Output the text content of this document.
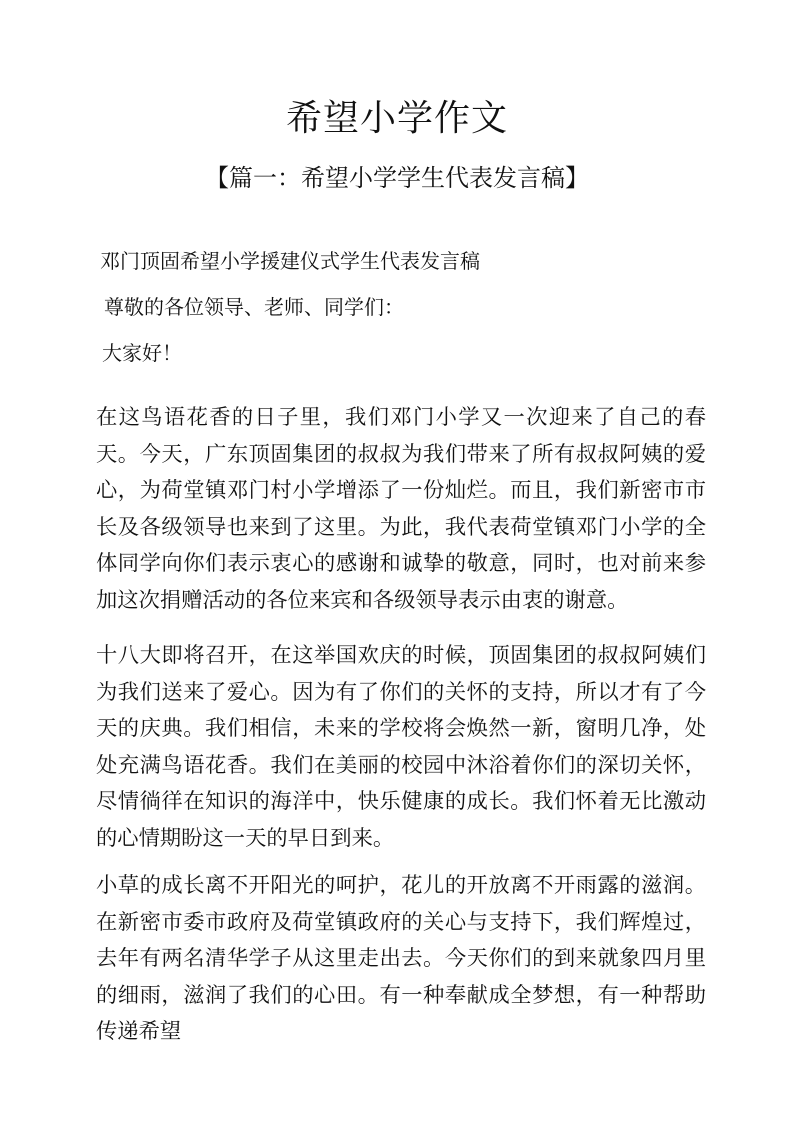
希望小学作文
【篇一：希望小学学生代表发言稿】
邓门顶固希望小学援建仪式学生代表发言稿
尊敬的各位领导、老师、同学们：
大家好！

在这鸟语花香的日子里，我们邓门小学又一次迎来了自己的春天。今天，广东顶固集团的叔叔为我们带来了所有叔叔阿姨的爱心，为荷堂镇邓门村小学增添了一份灿烂。而且，我们新密市市长及各级领导也来到了这里。为此，我代表荷堂镇邓门小学的全体同学向你们表示衷心的感谢和诚挚的敬意，同时，也对前来参加这次捐赠活动的各位来宾和各级领导表示由衷的谢意。

十八大即将召开，在这举国欢庆的时候，顶固集团的叔叔阿姨们为我们送来了爱心。因为有了你们的关怀的支持，所以才有了今天的庆典。我们相信，未来的学校将会焕然一新，窗明几净，处处充满鸟语花香。我们在美丽的校园中沐浴着你们的深切关怀，尽情徜徉在知识的海洋中，快乐健康的成长。我们怀着无比激动的心情期盼这一天的早日到来。

小草的成长离不开阳光的呵护，花儿的开放离不开雨露的滋润。在新密市委市政府及荷堂镇政府的关心与支持下，我们辉煌过，去年有两名清华学子从这里走出去。今天你们的到来就象四月里的细雨，滋润了我们的心田。有一种奉献成全梦想，有一种帮助传递希望
